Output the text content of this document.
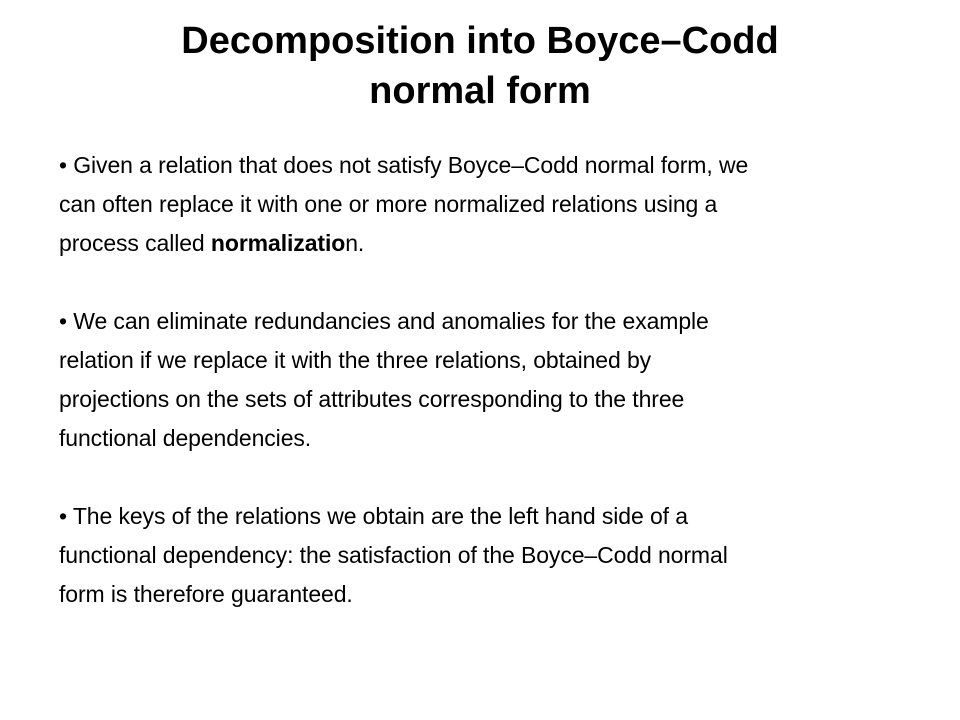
Decomposition into Boyce–Codd
normal form

• Given a relation that does not satisfy Boyce–Codd normal form, we
can often replace it with one or more normalized relations using a
process called normalization.

• We can eliminate redundancies and anomalies for the example
relation if we replace it with the three relations, obtained by
projections on the sets of attributes corresponding to the three
functional dependencies.

• The keys of the relations we obtain are the left hand side of a
functional dependency: the satisfaction of the Boyce–Codd normal
form is therefore guaranteed.
